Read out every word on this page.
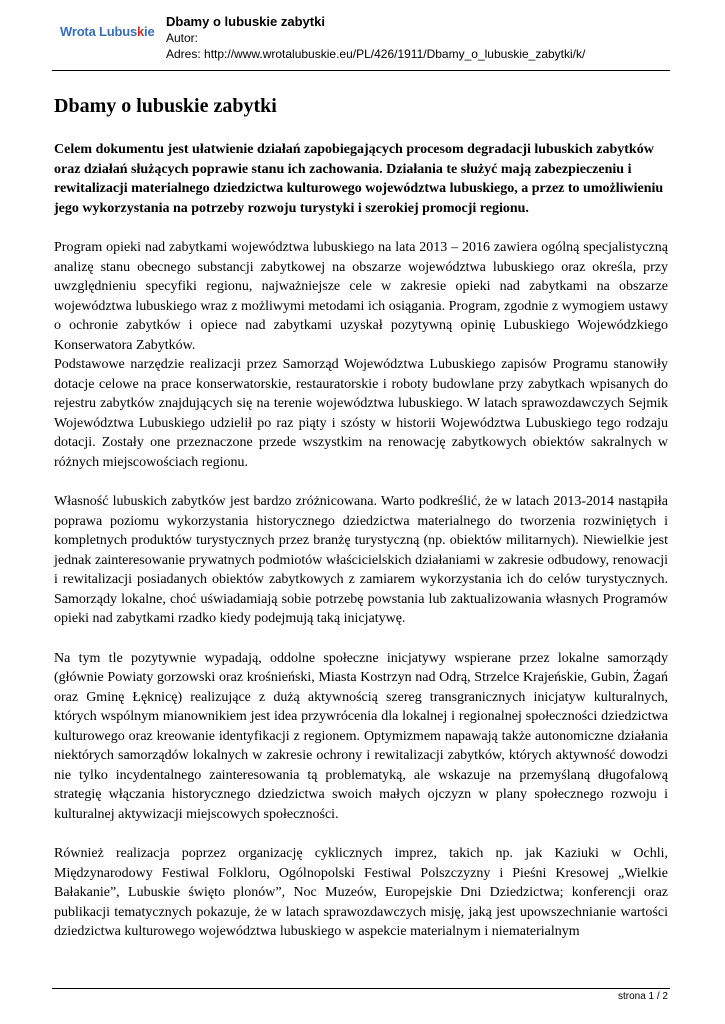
Wrota Lubuskie
Dbamy o lubuskie zabytki
Autor:
Adres: http://www.wrotalubuskie.eu/PL/426/1911/Dbamy_o_lubuskie_zabytki/k/
Dbamy o lubuskie zabytki

Celem dokumentu jest ułatwienie działań zapobiegających procesom degradacji lubuskich zabytków oraz działań służących poprawie stanu ich zachowania. Działania te służyć mają zabezpieczeniu i rewitalizacji materialnego dziedzictwa kulturowego województwa lubuskiego, a przez to umożliwieniu jego wykorzystania na potrzeby rozwoju turystyki i szerokiej promocji regionu.

Program opieki nad zabytkami województwa lubuskiego na lata 2013 – 2016 zawiera ogólną specjalistyczną analizę stanu obecnego substancji zabytkowej na obszarze województwa lubuskiego oraz określa, przy uwzględnieniu specyfiki regionu, najważniejsze cele w zakresie opieki nad zabytkami na obszarze województwa lubuskiego wraz z możliwymi metodami ich osiągania. Program, zgodnie z wymogiem ustawy o ochronie zabytków i opiece nad zabytkami uzyskał pozytywną opinię Lubuskiego Wojewódzkiego Konserwatora Zabytków.

Podstawowe narzędzie realizacji przez Samorząd Województwa Lubuskiego zapisów Programu stanowiły dotacje celowe na prace konserwatorskie, restauratorskie i roboty budowlane przy zabytkach wpisanych do rejestru zabytków znajdujących się na terenie województwa lubuskiego. W latach sprawozdawczych Sejmik Województwa Lubuskiego udzielił po raz piąty i szósty w historii Województwa Lubuskiego tego rodzaju dotacji. Zostały one przeznaczone przede wszystkim na renowację zabytkowych obiektów sakralnych w różnych miejscowościach regionu.

Własność lubuskich zabytków jest bardzo zróżnicowana. Warto podkreślić, że w latach 2013-2014 nastąpiła poprawa poziomu wykorzystania historycznego dziedzictwa materialnego do tworzenia rozwiniętych i kompletnych produktów turystycznych przez branżę turystyczną (np. obiektów militarnych). Niewielkie jest jednak zainteresowanie prywatnych podmiotów właścicielskich działaniami w zakresie odbudowy, renowacji i rewitalizacji posiadanych obiektów zabytkowych z zamiarem wykorzystania ich do celów turystycznych. Samorządy lokalne, choć uświadamiają sobie potrzebę powstania lub zaktualizowania własnych Programów opieki nad zabytkami rzadko kiedy podejmują taką inicjatywę.

Na tym tle pozytywnie wypadają, oddolne społeczne inicjatywy wspierane przez lokalne samorządy (głównie Powiaty gorzowski oraz krośnieński, Miasta Kostrzyn nad Odrą, Strzelce Krajeńskie, Gubin, Żagań oraz Gminę Łęknicę) realizujące z dużą aktywnością szereg transgranicznych inicjatyw kulturalnych, których wspólnym mianownikiem jest idea przywrócenia dla lokalnej i regionalnej społeczności dziedzictwa kulturowego oraz kreowanie identyfikacji z regionem. Optymizmem napawają także autonomiczne działania niektórych samorządów lokalnych w zakresie ochrony i rewitalizacji zabytków, których aktywność dowodzi nie tylko incydentalnego zainteresowania tą problematyką, ale wskazuje na przemyślaną długofalową strategię włączania historycznego dziedzictwa swoich małych ojczyzn w plany społecznego rozwoju i kulturalnej aktywizacji miejscowych społeczności.

Również realizacja poprzez organizację cyklicznych imprez, takich np. jak Kaziuki w Ochli, Międzynarodowy Festiwal Folkloru, Ogólnopolski Festiwal Polszczyzny i Pieśni Kresowej „Wielkie Bałakanie”, Lubuskie święto plonów”, Noc Muzeów, Europejskie Dni Dziedzictwa; konferencji oraz publikacji tematycznych pokazuje, że w latach sprawozdawczych misję, jaką jest upowszechnianie wartości dziedzictwa kulturowego województwa lubuskiego w aspekcie materialnym i niematerialnym

strona 1 / 2
